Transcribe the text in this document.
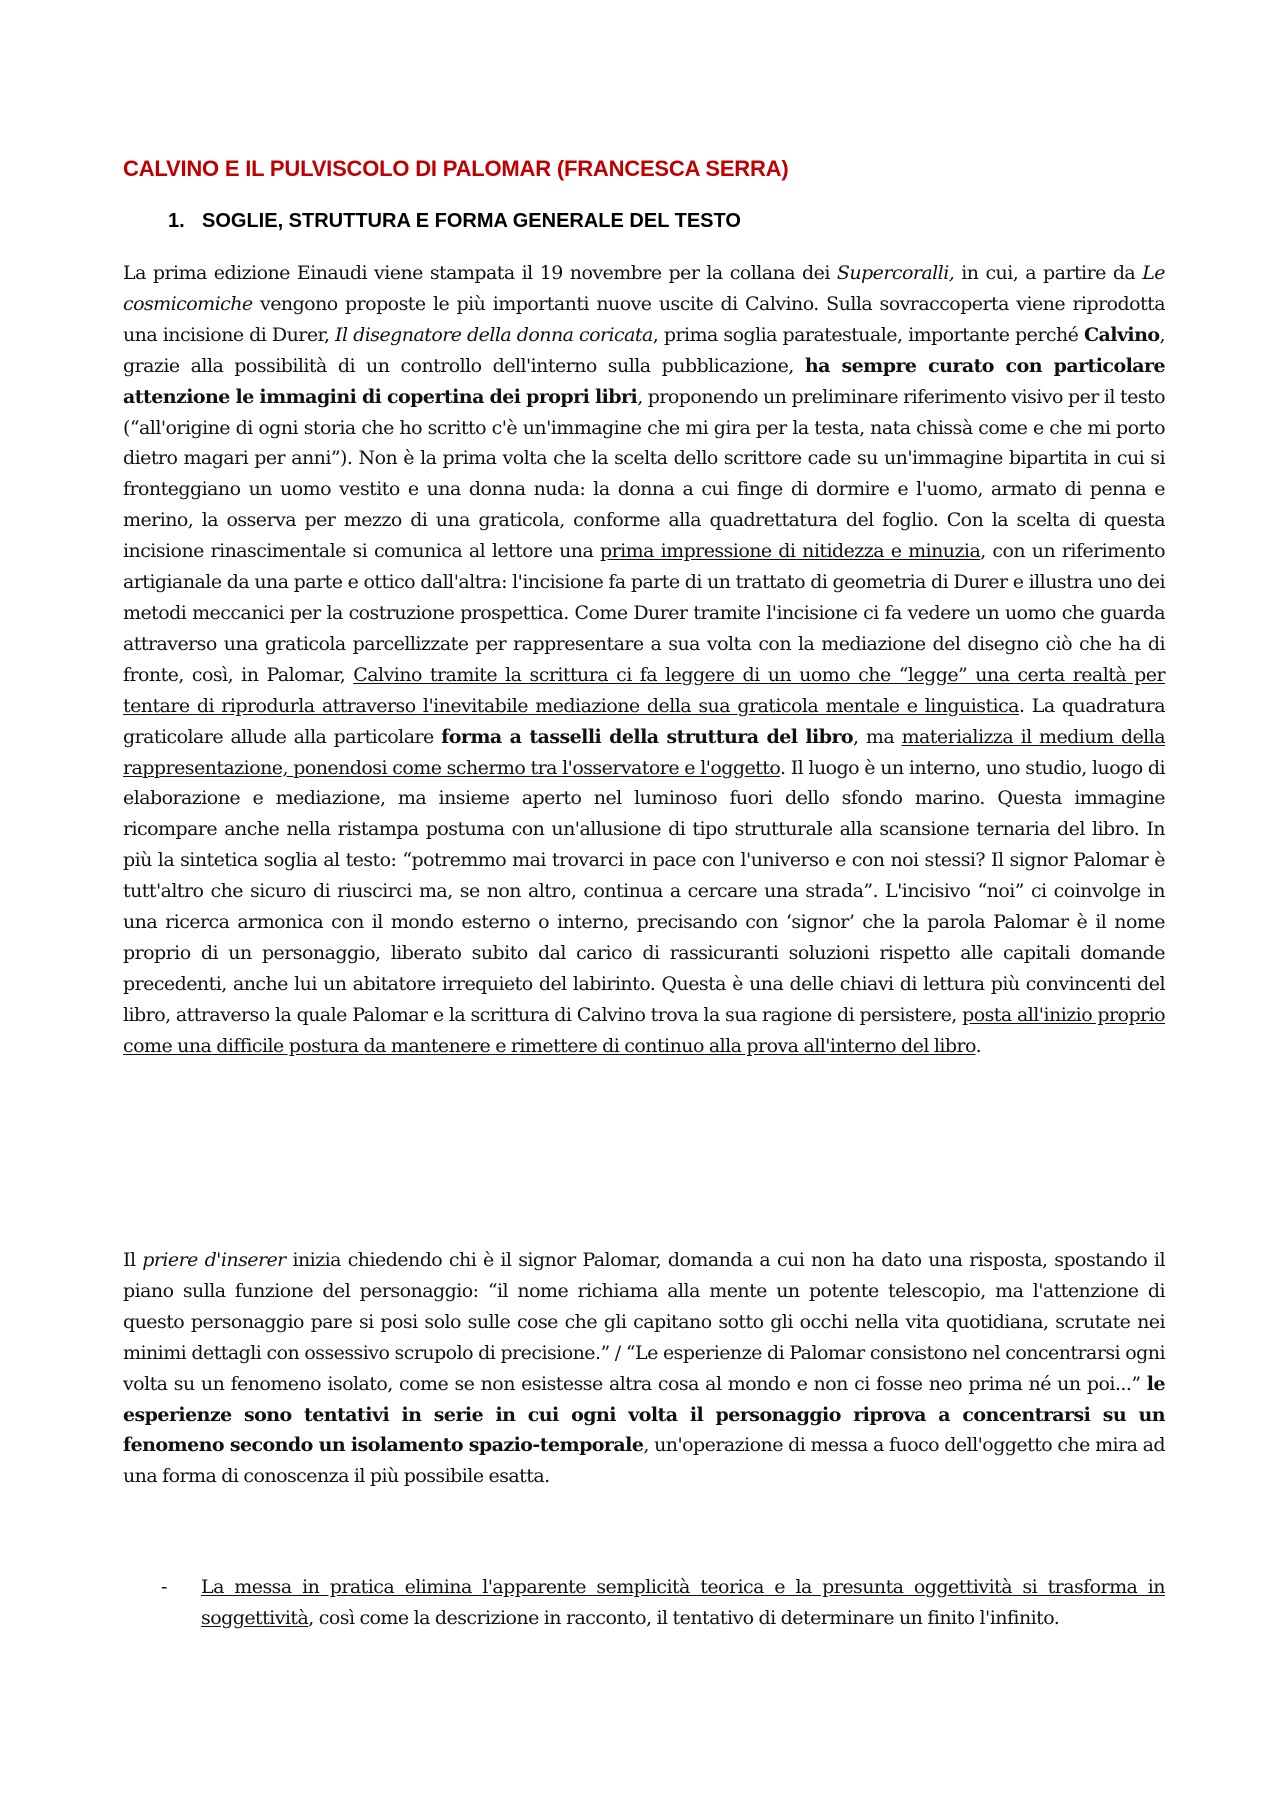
CALVINO E IL PULVISCOLO DI PALOMAR (FRANCESCA SERRA)
1. SOGLIE, STRUTTURA E FORMA GENERALE DEL TESTO

La prima edizione Einaudi viene stampata il 19 novembre per la collana dei Supercoralli, in cui, a partire da Le cosmicomiche vengono proposte le più importanti nuove uscite di Calvino. Sulla sovraccoperta viene riprodotta una incisione di Durer, Il disegnatore della donna coricata, prima soglia paratestuale, importante perché Calvino, grazie alla possibilità di un controllo dell'interno sulla pubblicazione, ha sempre curato con particolare attenzione le immagini di copertina dei propri libri, proponendo un preliminare riferimento visivo per il testo (“all'origine di ogni storia che ho scritto c'è un'immagine che mi gira per la testa, nata chissà come e che mi porto dietro magari per anni”). Non è la prima volta che la scelta dello scrittore cade su un'immagine bipartita in cui si fronteggiano un uomo vestito e una donna nuda: la donna a cui finge di dormire e l'uomo, armato di penna e merino, la osserva per mezzo di una graticola, conforme alla quadrettatura del foglio. Con la scelta di questa incisione rinascimentale si comunica al lettore una prima impressione di nitidezza e minuzia, con un riferimento artigianale da una parte e ottico dall'altra: l'incisione fa parte di un trattato di geometria di Durer e illustra uno dei metodi meccanici per la costruzione prospettica. Come Durer tramite l'incisione ci fa vedere un uomo che guarda attraverso una graticola parcellizzate per rappresentare a sua volta con la mediazione del disegno ciò che ha di fronte, così, in Palomar, Calvino tramite la scrittura ci fa leggere di un uomo che “legge” una certa realtà per tentare di riprodurla attraverso l'inevitabile mediazione della sua graticola mentale e linguistica. La quadratura graticolare allude alla particolare forma a tasselli della struttura del libro, ma materializza il medium della rappresentazione, ponendosi come schermo tra l'osservatore e l'oggetto. Il luogo è un interno, uno studio, luogo di elaborazione e mediazione, ma insieme aperto nel luminoso fuori dello sfondo marino. Questa immagine ricompare anche nella ristampa postuma con un'allusione di tipo strutturale alla scansione ternaria del libro. In più la sintetica soglia al testo: “potremmo mai trovarci in pace con l'universo e con noi stessi? Il signor Palomar è tutt'altro che sicuro di riuscirci ma, se non altro, continua a cercare una strada”. L'incisivo “noi” ci coinvolge in una ricerca armonica con il mondo esterno o interno, precisando con ‘signor’ che la parola Palomar è il nome proprio di un personaggio, liberato subito dal carico di rassicuranti soluzioni rispetto alle capitali domande precedenti, anche lui un abitatore irrequieto del labirinto. Questa è una delle chiavi di lettura più convincenti del libro, attraverso la quale Palomar e la scrittura di Calvino trova la sua ragione di persistere, posta all'inizio proprio come una difficile postura da mantenere e rimettere di continuo alla prova all'interno del libro.

Il priere d'inserer inizia chiedendo chi è il signor Palomar, domanda a cui non ha dato una risposta, spostando il piano sulla funzione del personaggio: “il nome richiama alla mente un potente telescopio, ma l'attenzione di questo personaggio pare si posi solo sulle cose che gli capitano sotto gli occhi nella vita quotidiana, scrutate nei minimi dettagli con ossessivo scrupolo di precisione.” / “Le esperienze di Palomar consistono nel concentrarsi ogni volta su un fenomeno isolato, come se non esistesse altra cosa al mondo e non ci fosse neo prima né un poi...” le esperienze sono tentativi in serie in cui ogni volta il personaggio riprova a concentrarsi su un fenomeno secondo un isolamento spazio-temporale, un'operazione di messa a fuoco dell'oggetto che mira ad una forma di conoscenza il più possibile esatta.

- La messa in pratica elimina l'apparente semplicità teorica e la presunta oggettività si trasforma in soggettività, così come la descrizione in racconto, il tentativo di determinare un finito l'infinito.
